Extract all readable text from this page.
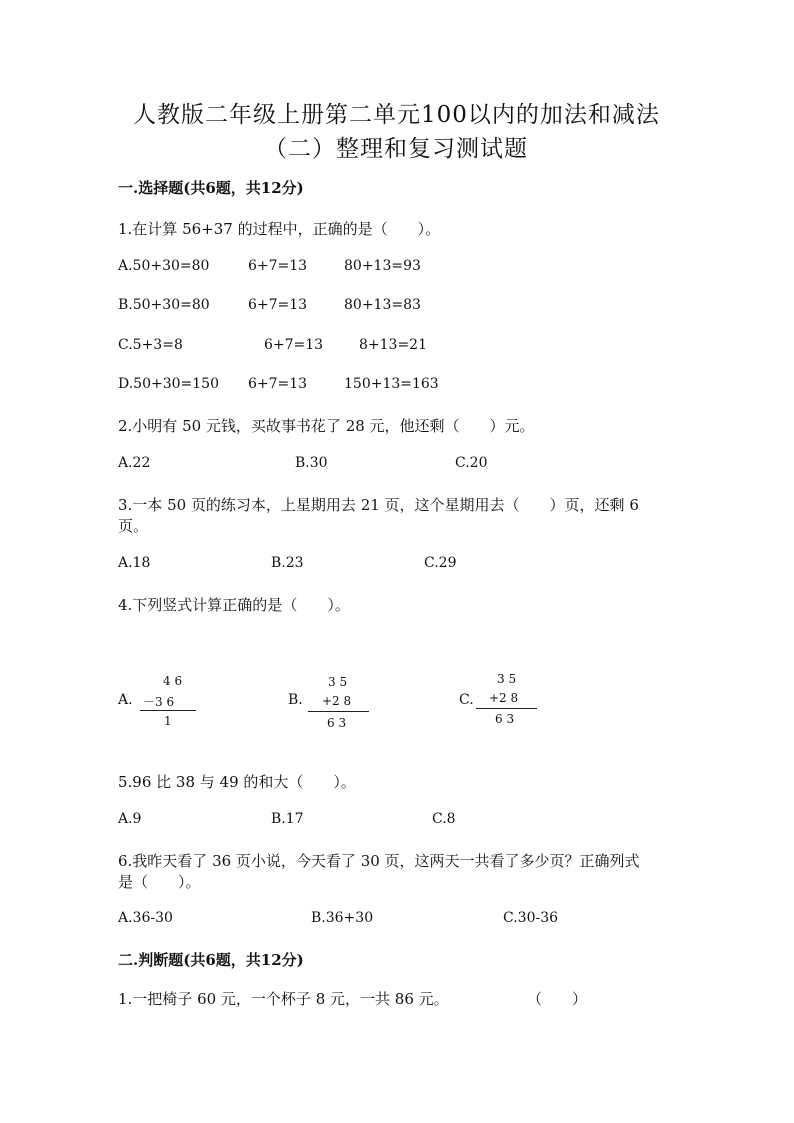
人教版二年级上册第二单元100以内的加法和减法
（二）整理和复习测试题
一.选择题(共6题，共12分)
1.在计算 56+37 的过程中，正确的是（　　）。
A.50+30=80	6+7=13	80+13=93
B.50+30=80	6+7=13	80+13=83
C.5+3=8	6+7=13	8+13=21
D.50+30=150 6+7=13	150+13=163
2.小明有 50 元钱，买故事书花了 28 元，他还剩（　　）元。
A.22	B.30	C.20
3.一本 50 页的练习本，上星期用去 21 页，这个星期用去（　　）页，还剩 6
页。
A.18	B.23	C.29
4.下列竖式计算正确的是（　　）。
A.
4 6
－3 6
1
B.
3 5
+2 8
6 3
C.
3 5
+2 8
6 3
5.96 比 38 与 49 的和大（　　）。
A.9	B.17	C.8
6.我昨天看了 36 页小说，今天看了 30 页，这两天一共看了多少页？正确列式
是（　　）。
A.36-30	B.36+30	C.30-36
二.判断题(共6题，共12分)
1.一把椅子 60 元，一个杯子 8 元，一共 86 元。	（　　）
